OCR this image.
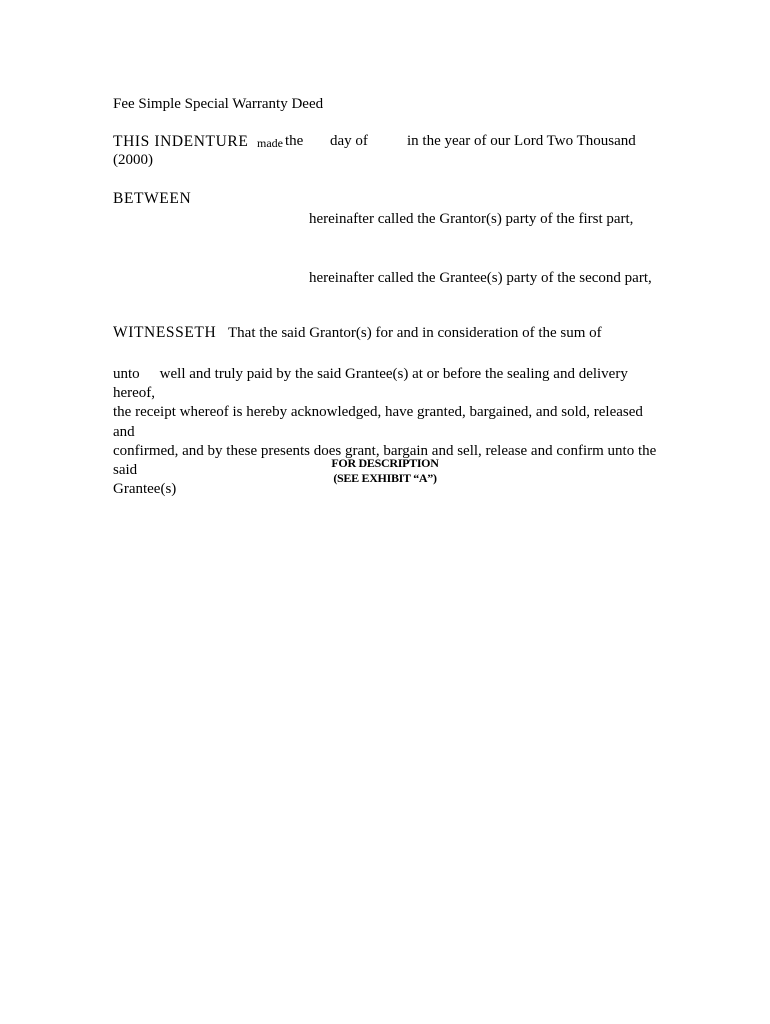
Fee Simple Special Warranty Deed
THIS INDENTURE made the day of	in the year of our Lord Two Thousand
(2000)
BETWEEN
hereinafter called the Grantor(s) party of the first part,
hereinafter called the Grantee(s) party of the second part,
WITNESSETH That the said Grantor(s) for and in consideration of the sum of
unto well and truly paid by the said Grantee(s) at or before the sealing and delivery hereof,
the receipt whereof is hereby acknowledged, have granted, bargained, and sold, released and
confirmed, and by these presents does grant, bargain and sell, release and confirm unto the said
Grantee(s)
FOR DESCRIPTION
(SEE EXHIBIT “A”)
